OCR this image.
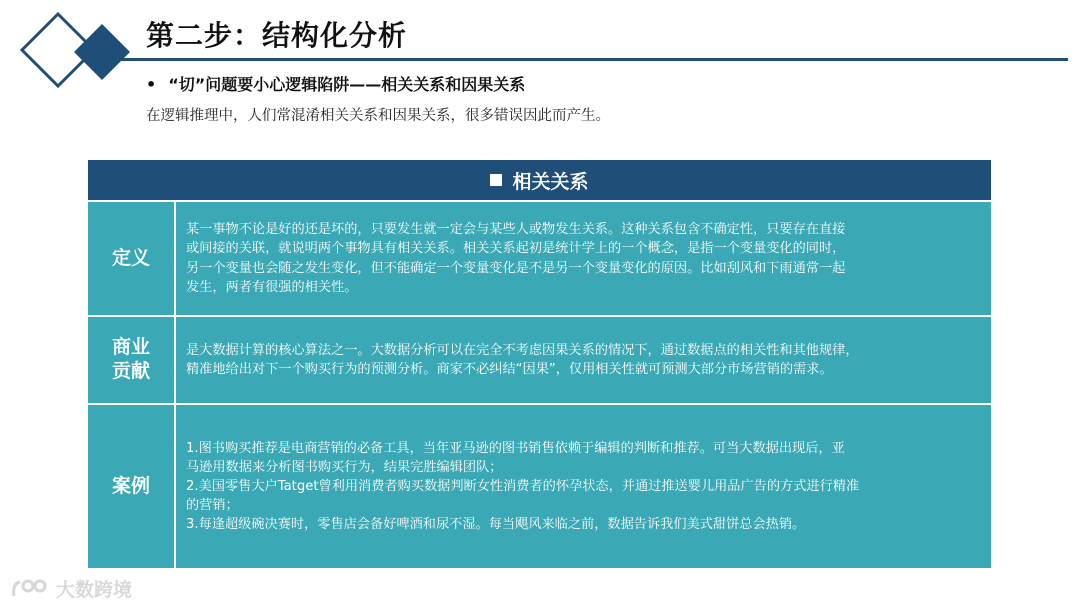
第二步：结构化分析
• “切”问题要小心逻辑陷阱——相关关系和因果关系
在逻辑推理中，人们常混淆相关关系和因果关系，很多错误因此而产生。
相关关系
定义

某一事物不论是好的还是坏的，只要发生就一定会与某些人或物发生关系。这种关系包含不确定性，只要存在直接

或间接的关联，就说明两个事物具有相关关系。相关关系起初是统计学上的一个概念，是指一个变量变化的同时，

另一个变量也会随之发生变化，但不能确定一个变量变化是不是另一个变量变化的原因。比如刮风和下雨通常一起

发生，两者有很强的相关性。

商业
贡献

是大数据计算的核心算法之一。大数据分析可以在完全不考虑因果关系的情况下，通过数据点的相关性和其他规律，

精准地给出对下一个购买行为的预测分析。商家不必纠结“因果”，仅用相关性就可预测大部分市场营销的需求。

案例

1.图书购买推荐是电商营销的必备工具，当年亚马逊的图书销售依赖于编辑的判断和推荐。可当大数据出现后，亚

马逊用数据来分析图书购买行为，结果完胜编辑团队；

2.美国零售大户Tatget曾利用消费者购买数据判断女性消费者的怀孕状态，并通过推送婴儿用品广告的方式进行精准

的营销；

3.每逢超级碗决赛时，零售店会备好啤酒和尿不湿。每当飓风来临之前，数据告诉我们美式甜饼总会热销。

大数跨境
